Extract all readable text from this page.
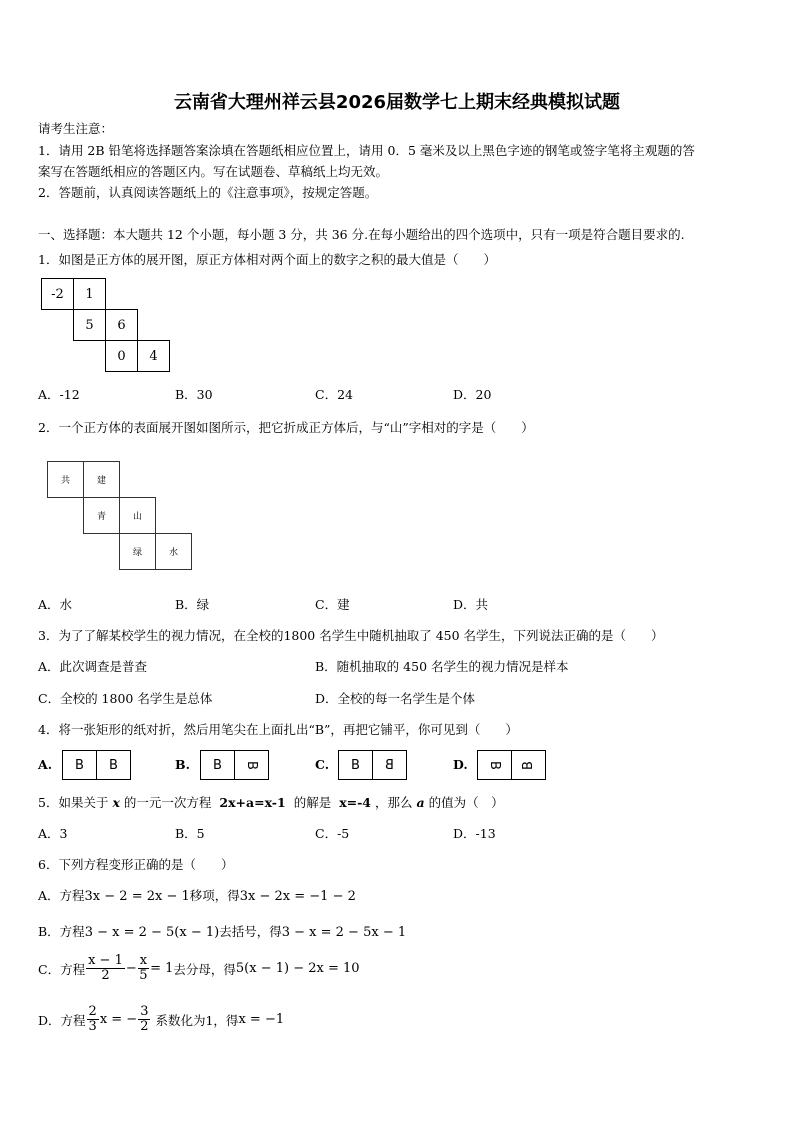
云南省大理州祥云县2026届数学七上期末经典模拟试题
请考生注意：
1．请用 2B 铅笔将选择题答案涂填在答题纸相应位置上，请用 0．5 毫米及以上黑色字迹的钢笔或签字笔将主观题的答
案写在答题纸相应的答题区内。写在试题卷、草稿纸上均无效。
2．答题前，认真阅读答题纸上的《注意事项》，按规定答题。
一、选择题：本大题共 12 个小题，每小题 3 分，共 36 分.在每小题给出的四个选项中，只有一项是符合题目要求的.
1．如图是正方体的展开图，原正方体相对两个面上的数字之积的最大值是（　　）
-2	1
5	6
0	4
A．-12	B．30	C．24	D．20
2．一个正方体的表面展开图如图所示，把它折成正方体后，与“山”字相对的字是（　　）
共	建
青	山
绿	水
A．水	B．绿	C．建	D．共
3．为了了解某校学生的视力情况，在全校的1800 名学生中随机抽取了 450 名学生，下列说法正确的是（　　）
A．此次调查是普查	B．随机抽取的 450 名学生的视力情况是样本
C．全校的 1800 名学生是总体	D．全校的每一名学生是个体
4．将一张矩形的纸对折，然后用笔尖在上面扎出“B”，再把它铺平，你可见到（　　）
A.	B	B	B.	B	B	C.	B	B	D. B B
5．如果关于 x 的一元一次方程 2x+a=x-1 的解是 x=-4 ，那么 a 的值为（　）
A．3	B．5	C．-5	D．-13
6．下列方程变形正确的是（　　）
A．方程3x − 2 = 2x − 1移项，得3x − 2x = −1 − 2
B．方程3 − x = 2 − 5(x − 1)去括号，得3 − x = 2 − 5x − 1
C．方程 $\frac{x - 1}{2} - \frac{x}{5} = 1$ 去分母，得 5(x − 1) − 2x = 10
D．方程 $\frac{2}{3}$ x = − $\frac{3}{2}$ 系数化为1，得 x = −1
